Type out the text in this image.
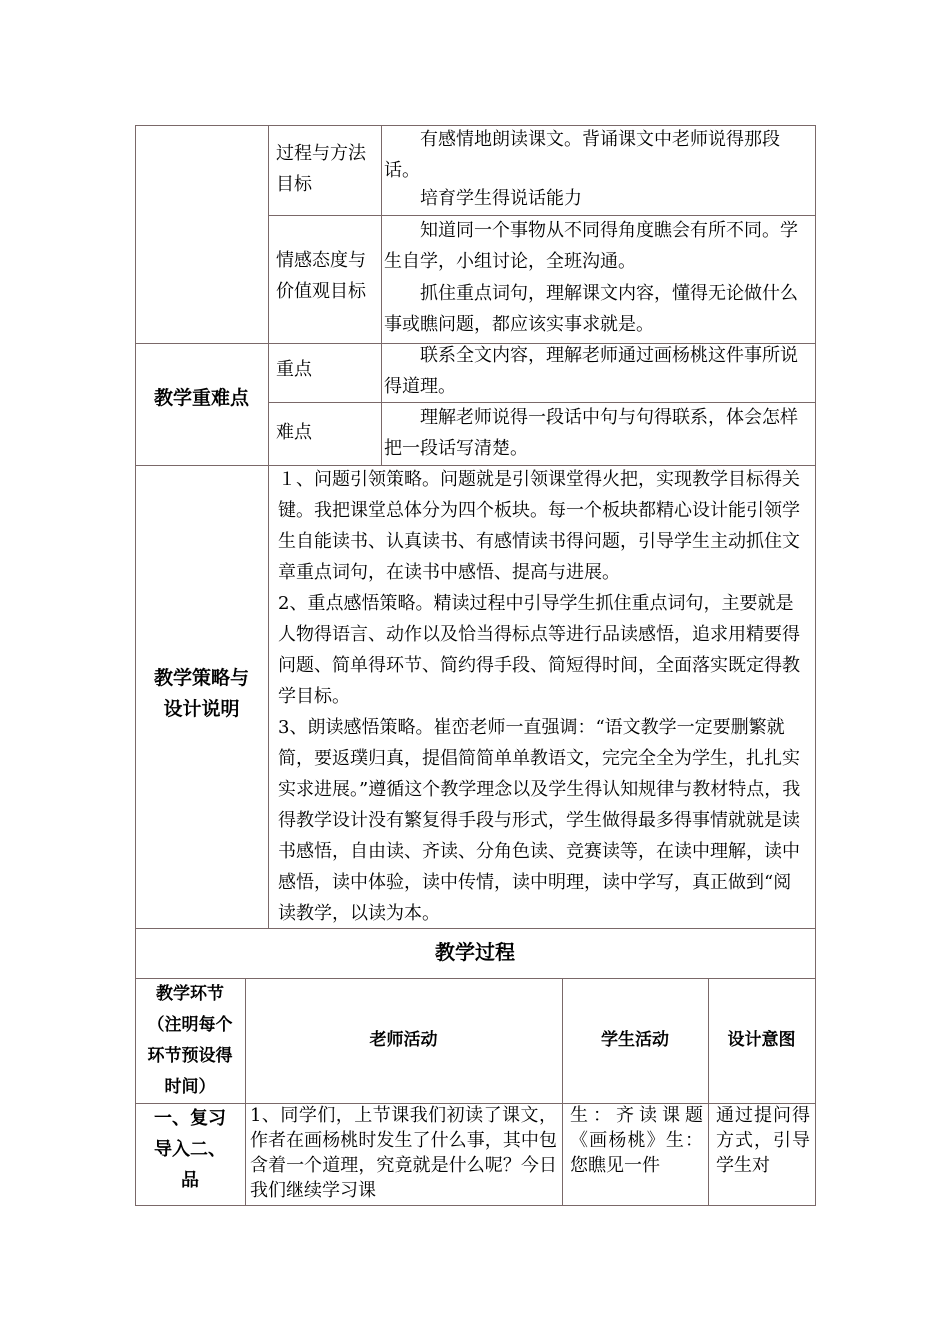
过程与方法目标
有感情地朗读课文。背诵课文中老师说得那段话。
培育学生得说话能力
情感态度与价值观目标
知道同一个事物从不同得角度瞧会有所不同。学生自学，小组讨论，全班沟通。
抓住重点词句，理解课文内容，懂得无论做什么事或瞧问题，都应该实事求就是。
教学重难点
重点
联系全文内容，理解老师通过画杨桃这件事所说得道理。
难点
理解老师说得一段话中句与句得联系，体会怎样把一段话写清楚。
教学策略与设计说明
１、问题引领策略。问题就是引领课堂得火把，实现教学目标得关键。我把课堂总体分为四个板块。每一个板块都精心设计能引领学生自能读书、认真读书、有感情读书得问题，引导学生主动抓住文章重点词句，在读书中感悟、提高与进展。
2、重点感悟策略。精读过程中引导学生抓住重点词句，主要就是人物得语言、动作以及恰当得标点等进行品读感悟，追求用精要得问题、简单得环节、简约得手段、简短得时间，全面落实既定得教学目标。
3、朗读感悟策略。崔峦老师一直强调：“语文教学一定要删繁就简，要返璞归真，提倡简简单单教语文，完完全全为学生，扎扎实实求进展。”遵循这个教学理念以及学生得认知规律与教材特点，我得教学设计没有繁复得手段与形式，学生做得最多得事情就就是读书感悟，自由读、齐读、分角色读、竞赛读等，在读中理解，读中感悟，读中体验，读中传情，读中明理，读中学写，真正做到“阅读教学，以读为本。
教学过程
教学环节（注明每个环节预设得时间）
老师活动	学生活动	设计意图
一、复习导入二、品
1、同学们，上节课我们初读了课文，作者在画杨桃时发生了什么事，其中包含着一个道理，究竟就是什么呢？今日我们继续学习课
生：齐读课题《画杨桃》生：您瞧见一件
通过提问得方式，引导学生对
